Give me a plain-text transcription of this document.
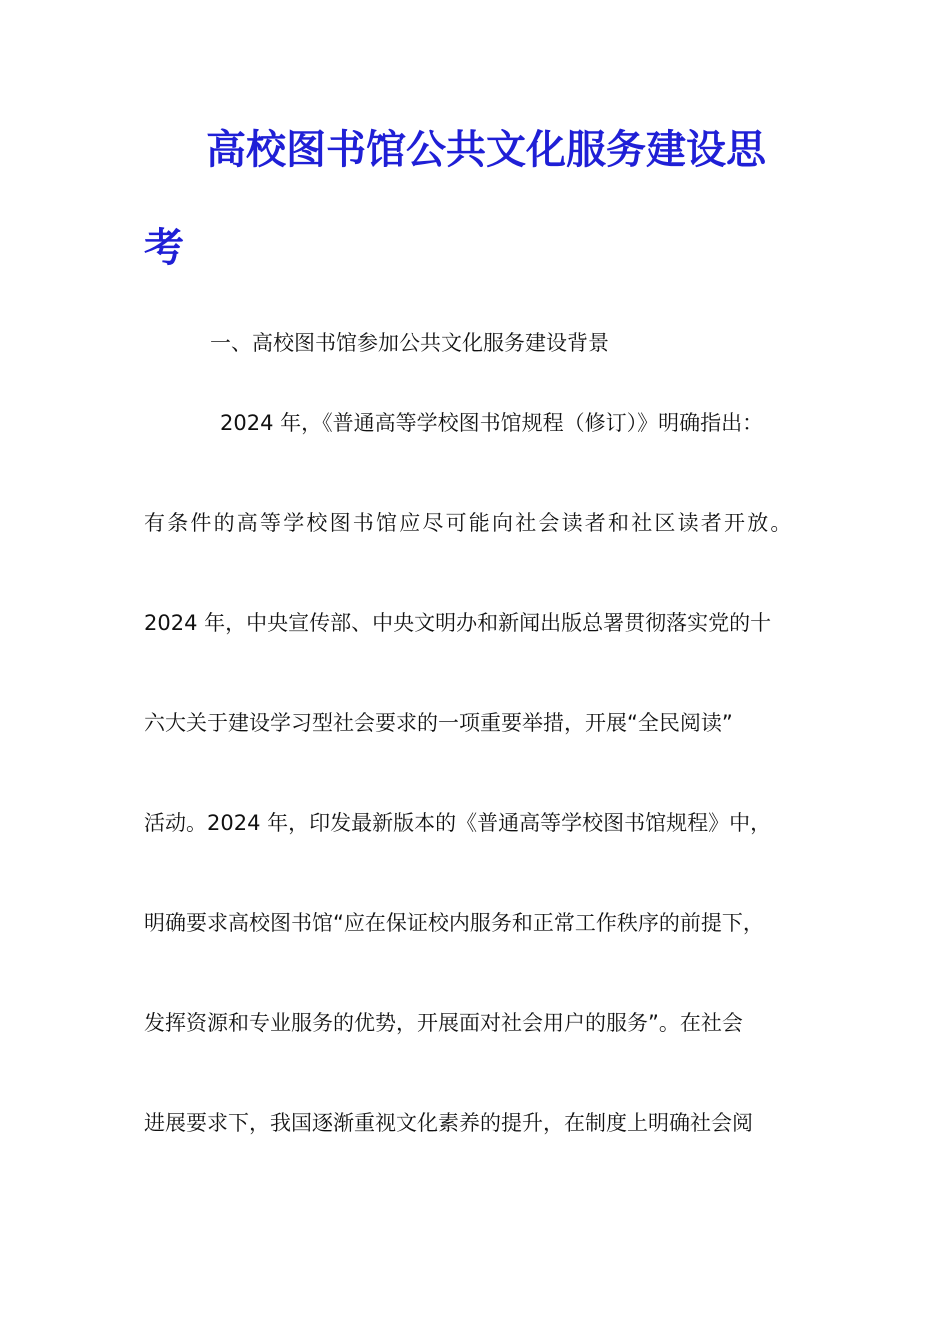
高校图书馆公共文化服务建设思
考
一、高校图书馆参加公共文化服务建设背景
2024 年，《普通高等学校图书馆规程（修订）》明确指出：
有条件的高等学校图书馆应尽可能向社会读者和社区读者开放。
2024 年，中央宣传部、中央文明办和新闻出版总署贯彻落实党的十
六大关于建设学习型社会要求的一项重要举措，开展“全民阅读”
活动。2024 年，印发最新版本的《普通高等学校图书馆规程》中，
明确要求高校图书馆“应在保证校内服务和正常工作秩序的前提下，
发挥资源和专业服务的优势，开展面对社会用户的服务”。在社会
进展要求下，我国逐渐重视文化素养的提升，在制度上明确社会阅
